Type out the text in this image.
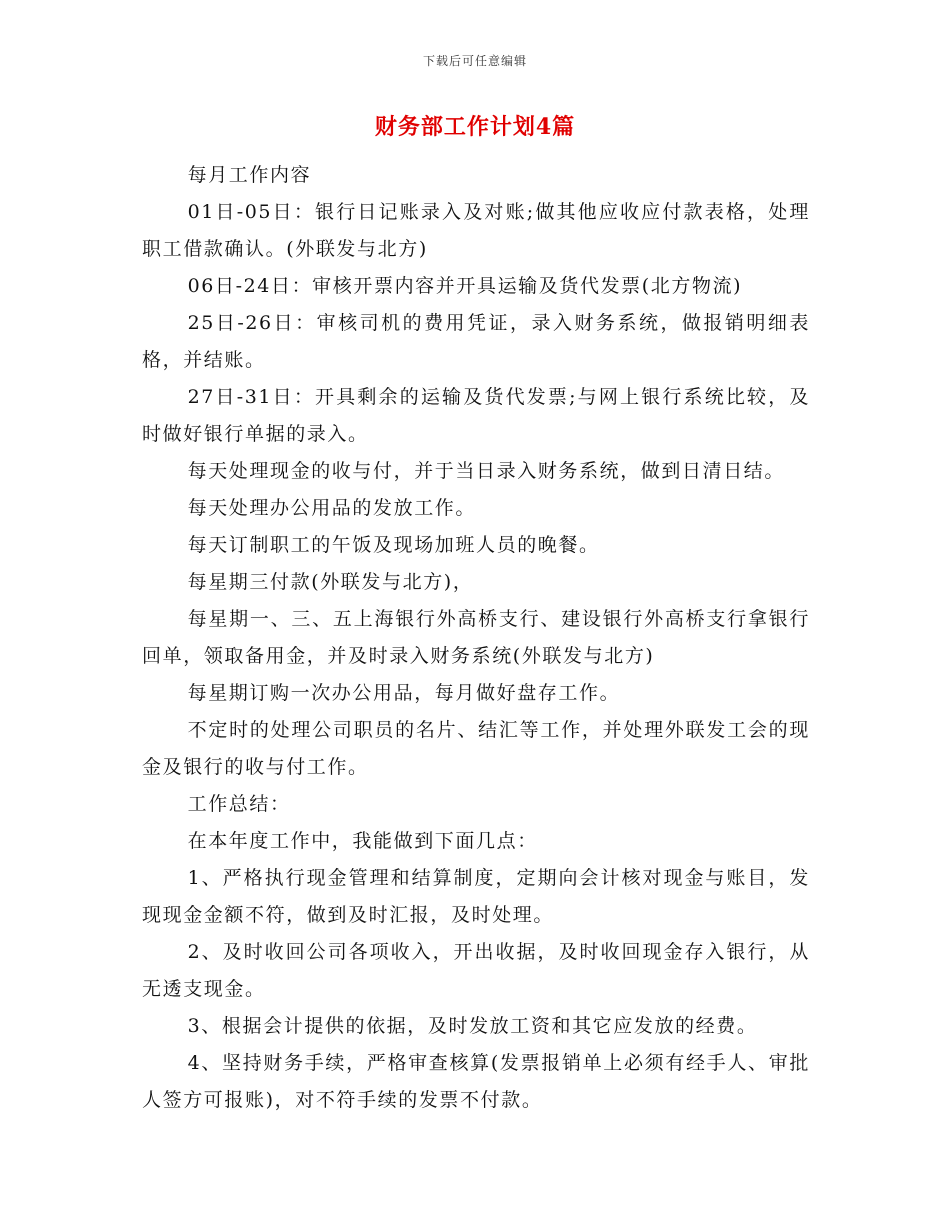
下载后可任意编辑
财务部工作计划4篇

每月工作内容

01日-05日：银行日记账录入及对账;做其他应收应付款表格，处理职工借款确认。(外联发与北方)

06日-24日：审核开票内容并开具运输及货代发票(北方物流)

25日-26日：审核司机的费用凭证，录入财务系统，做报销明细表格，并结账。

27日-31日：开具剩余的运输及货代发票;与网上银行系统比较，及时做好银行单据的录入。

每天处理现金的收与付，并于当日录入财务系统，做到日清日结。

每天处理办公用品的发放工作。

每天订制职工的午饭及现场加班人员的晚餐。

每星期三付款(外联发与北方)，

每星期一、三、五上海银行外高桥支行、建设银行外高桥支行拿银行回单，领取备用金，并及时录入财务系统(外联发与北方)

每星期订购一次办公用品，每月做好盘存工作。

不定时的处理公司职员的名片、结汇等工作，并处理外联发工会的现金及银行的收与付工作。

工作总结：

在本年度工作中，我能做到下面几点：

1、严格执行现金管理和结算制度，定期向会计核对现金与账目，发现现金金额不符，做到及时汇报，及时处理。

2、及时收回公司各项收入，开出收据，及时收回现金存入银行，从无透支现金。

3、根据会计提供的依据，及时发放工资和其它应发放的经费。

4、坚持财务手续，严格审查核算(发票报销单上必须有经手人、审批人签方可报账)，对不符手续的发票不付款。
